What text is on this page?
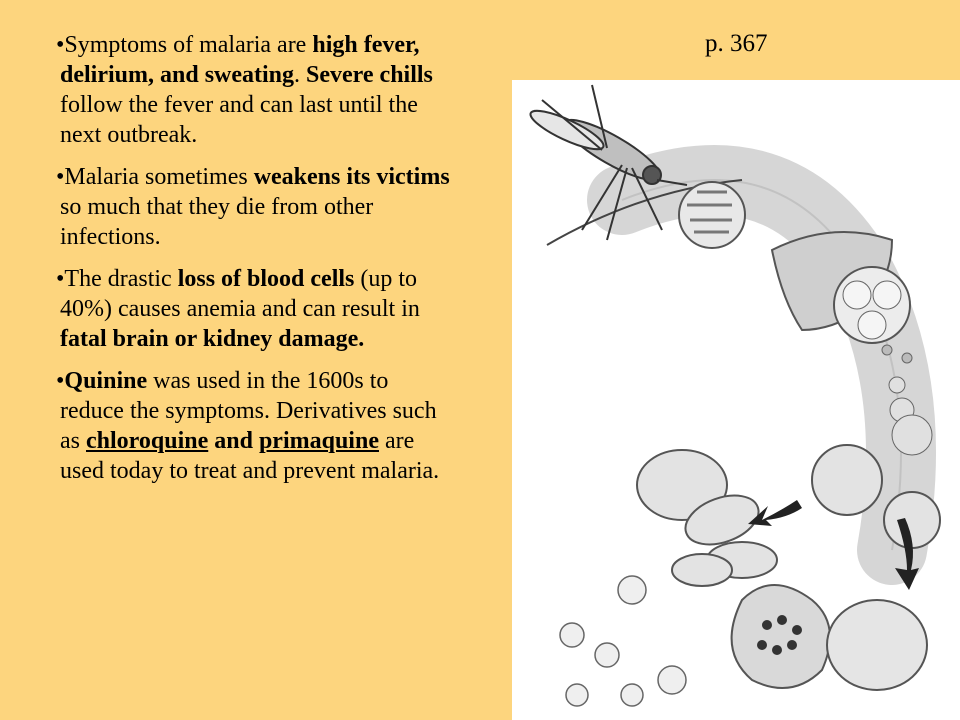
•Symptoms of malaria are high fever, delirium, and sweating. Severe chills follow the fever and can last until the next outbreak.

•Malaria sometimes weakens its victims so much that they die from other infections.

•The drastic loss of blood cells (up to 40%) causes anemia and can result in fatal brain or kidney damage.

•Quinine was used in the 1600s to reduce the symptoms. Derivatives such as chloroquine and primaquine are used today to treat and prevent malaria.

p. 367
